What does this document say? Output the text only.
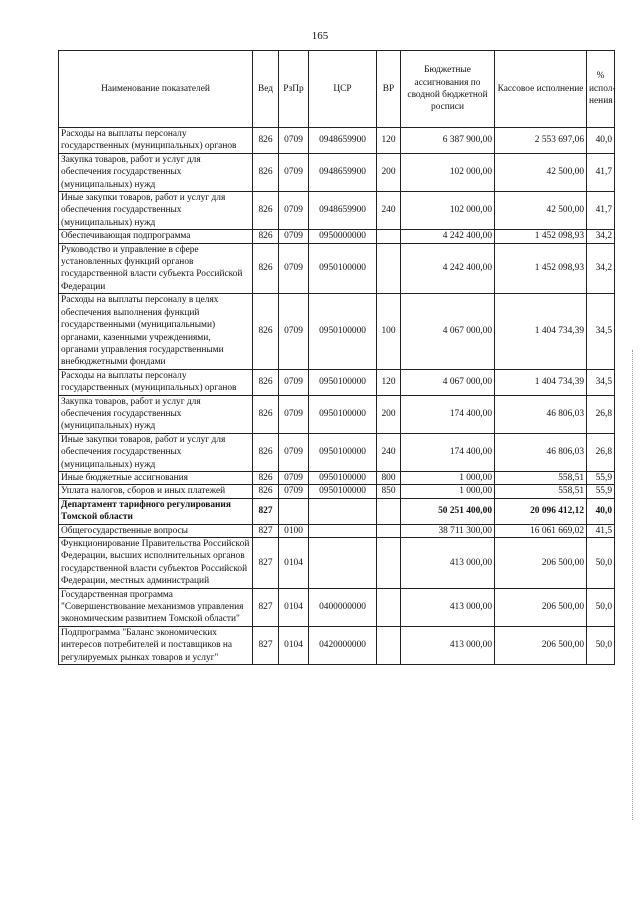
165
Наименование показателей	Вед	РзПр	ЦСР	ВР	Бюджетные ассигнования по сводной бюджетной росписи	Кассовое исполнение	% испол-нения
Расходы на выплаты персоналу государственных (муниципальных) органов	826	0709	0948659900	120	6 387 900,00	2 553 697,06	40,0
Закупка товаров, работ и услуг для обеспечения государственных (муниципальных) нужд	826	0709	0948659900	200	102 000,00	42 500,00	41,7
Иные закупки товаров, работ и услуг для обеспечения государственных (муниципальных) нужд	826	0709	0948659900	240	102 000,00	42 500,00	41,7
Обеспечивающая подпрограмма	826	0709	0950000000		4 242 400,00	1 452 098,93	34,2
Руководство и управление в сфере установленных функций органов государственной власти субъекта Российской Федерации	826	0709	0950100000		4 242 400,00	1 452 098,93	34,2
Расходы на выплаты персоналу в целях обеспечения выполнения функций государственными (муниципальными) органами, казенными учреждениями, органами управления государственными внебюджетными фондами	826	0709	0950100000	100	4 067 000,00	1 404 734,39	34,5
Расходы на выплаты персоналу государственных (муниципальных) органов	826	0709	0950100000	120	4 067 000,00	1 404 734,39	34,5
Закупка товаров, работ и услуг для обеспечения государственных (муниципальных) нужд	826	0709	0950100000	200	174 400,00	46 806,03	26,8
Иные закупки товаров, работ и услуг для обеспечения государственных (муниципальных) нужд	826	0709	0950100000	240	174 400,00	46 806,03	26,8
Иные бюджетные ассигнования	826	0709	0950100000	800	1 000,00	558,51	55,9
Уплата налогов, сборов и иных платежей	826	0709	0950100000	850	1 000,00	558,51	55,9
Департамент тарифного регулирования Томской области	827				50 251 400,00	20 096 412,12	40,0
Общегосударственные вопросы	827	0100			38 711 300,00	16 061 669,02	41,5
Функционирование Правительства Российской Федерации, высших исполнительных органов государственной власти субъектов Российской Федерации, местных администраций	827	0104			413 000,00	206 500,00	50,0
Государственная программа "Совершенствование механизмов управления экономическим развитием Томской области"	827	0104	0400000000		413 000,00	206 500,00	50,0
Подпрограмма "Баланс экономических интересов потребителей и поставщиков на регулируемых рынках товаров и услуг"	827	0104	0420000000		413 000,00	206 500,00	50,0
